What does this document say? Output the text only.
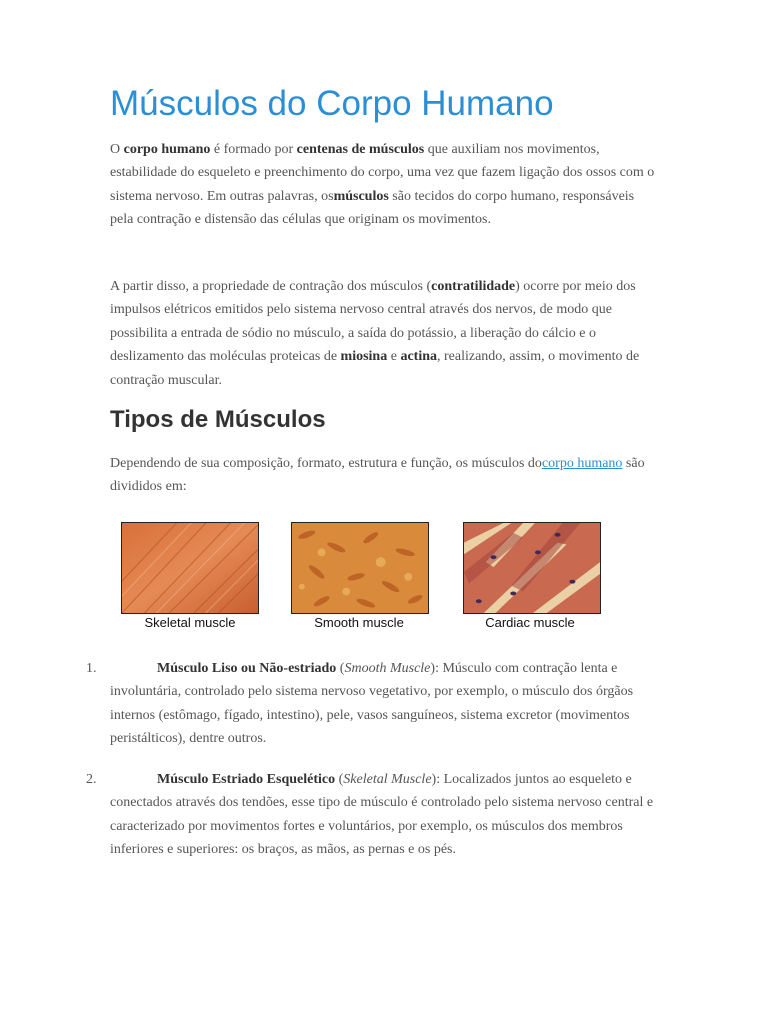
Músculos do Corpo Humano

O corpo humano é formado por centenas de músculos que auxiliam nos movimentos, estabilidade do esqueleto e preenchimento do corpo, uma vez que fazem ligação dos ossos com o sistema nervoso. Em outras palavras, osmúsculos são tecidos do corpo humano, responsáveis pela contração e distensão das células que originam os movimentos.

A partir disso, a propriedade de contração dos músculos (contratilidade) ocorre por meio dos impulsos elétricos emitidos pelo sistema nervoso central através dos nervos, de modo que possibilita a entrada de sódio no músculo, a saída do potássio, a liberação do cálcio e o deslizamento das moléculas proteicas de miosina e actina, realizando, assim, o movimento de contração muscular.

Tipos de Músculos

Dependendo de sua composição, formato, estrutura e função, os músculos docorpo humano são divididos em:

Skeletal muscle	Smooth muscle	Cardiac muscle
1.	Músculo Liso ou Não-estriado (Smooth Muscle): Músculo com contração lenta e involuntária, controlado pelo sistema nervoso vegetativo, por exemplo, o músculo dos órgãos internos (estômago, fígado, intestino), pele, vasos sanguíneos, sistema excretor (movimentos peristálticos), dentre outros.
2.	Músculo Estriado Esquelético (Skeletal Muscle): Localizados juntos ao esqueleto e conectados através dos tendões, esse tipo de músculo é controlado pelo sistema nervoso central e caracterizado por movimentos fortes e voluntários, por exemplo, os músculos dos membros inferiores e superiores: os braços, as mãos, as pernas e os pés.
